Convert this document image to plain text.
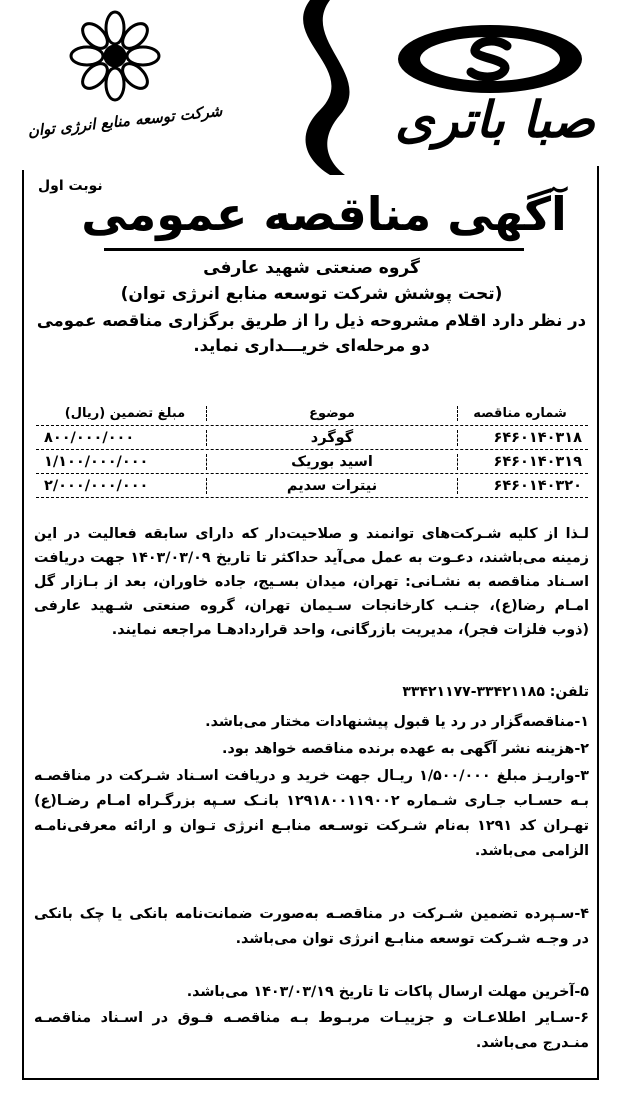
شرکت توسعه منابع انرژی توان	صبا باتری
نوبت اول
آگهی مناقصه عمومی
گروه صنعتی شهید عارفی
(تحت پوشش شرکت توسعه منابع انرژی توان)
در نظر دارد اقلام مشروحه ذیل را از طریق برگزاری مناقصه عمومی
دو مرحله‌ای خریـــداری نماید.
شماره مناقصه
موضوع
مبلغ تضمین (ریال)
۶۴۶۰۱۴۰۳۱۸
گوگرد
۸۰۰/۰۰۰/۰۰۰
۶۴۶۰۱۴۰۳۱۹
اسید بوریک
۱/۱۰۰/۰۰۰/۰۰۰
۶۴۶۰۱۴۰۳۲۰
نیترات سدیم
۲/۰۰۰/۰۰۰/۰۰۰
لـذا از کلیه شـرکت‌های توانمند و صلاحیت‌دار که دارای سابقه فعالیت در این زمینه می‌باشند، دعـوت به عمل می‌آید حداکثر تا تاریخ ۱۴۰۳/۰۳/۰۹ جهت دریافت اسـناد مناقصه به نشـانی: تهران، میدان بسـیج، جاده خاوران، بعد از بـازار گل امـام رضا(ع)، جنـب کارخانجات سـیمان تهران، گروه صنعتی شـهید عارفی (ذوب فلزات فجر)، مدیریت بازرگانی، واحد قراردادهـا مراجعه نمایند.
تلفن: ۳۳۴۲۱۱۸۵-۳۳۴۲۱۱۷۷
۱-مناقصه‌گزار در رد یا قبول پیشنهادات مختار می‌باشد.
۲-هزینه نشر آگهی به عهده برنده مناقصه خواهد بود.
۳-واریـز مبلغ ۱/۵۰۰/۰۰۰ ریـال جهت خرید و دریافت اسـناد شـرکت در مناقصـه بـه حسـاب جـاری شـماره ۱۲۹۱۸۰۰۱۱۹۰۰۲ بانـک سـپه بزرگـراه امـام رضـا(ع) تهـران کد ۱۲۹۱ به‌نام شـرکت توسـعه منابـع انرژی تـوان و ارائه معرفی‌نامـه الزامی می‌باشد.
۴-سـپرده تضمین شـرکت در مناقصـه به‌صورت ضمانت‌نامه بانکی یا چک بانکی در وجـه شـرکت توسعه منابـع انرژی توان می‌باشد.
۵-آخرین مهلت ارسال پاکات تا تاریخ ۱۴۰۳/۰۳/۱۹ می‌باشد.
۶-سـایر اطلاعـات و جزییـات مربـوط بـه مناقصـه فـوق در اسـناد مناقصـه منـدرج می‌باشد.
